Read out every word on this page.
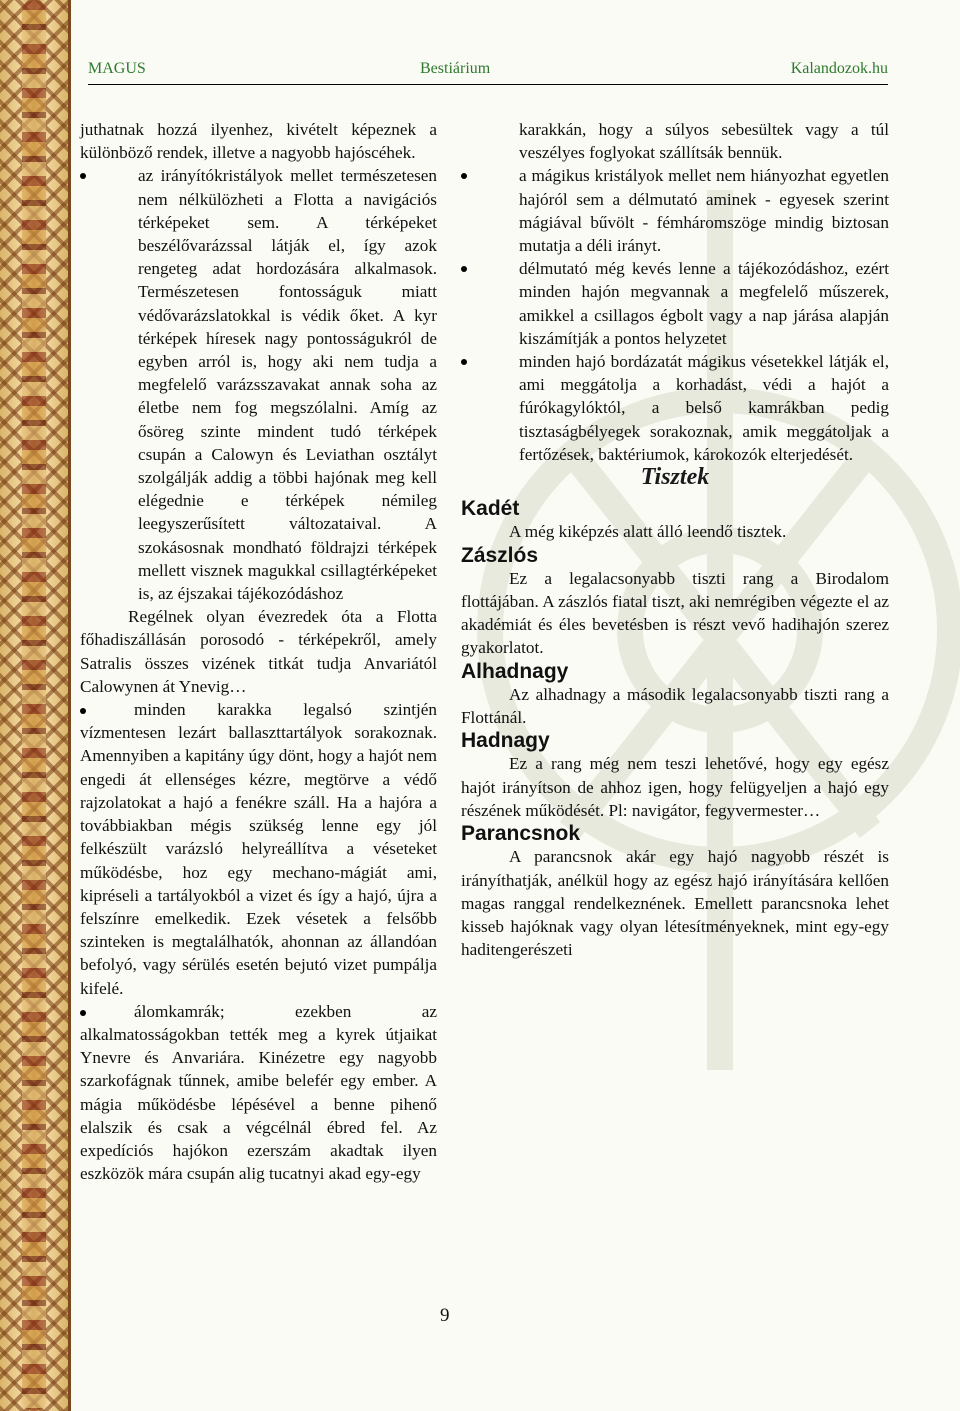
MAGUS	Bestiárium	Kalandozok.hu

juthatnak hozzá ilyenhez, kivételt képeznek a különböző rendek, illetve a nagyobb hajóscéhek.

az irányítókristályok mellet természetesen nem nélkülözheti a Flotta a navigációs térképeket sem. A térképeket beszélővarázssal látják el, így azok rengeteg adat hordozására alkalmasok. Természetesen fontosságuk miatt védővarázslatokkal is védik őket. A kyr térképek híresek nagy pontosságukról de egyben arról is, hogy aki nem tudja a megfelelő varázsszavakat annak soha az életbe nem fog megszólalni. Amíg az ősöreg szinte mindent tudó térképek csupán a Calowyn és Leviathan osztályt szolgálják addig a többi hajónak meg kell elégednie e térképek némileg leegyszerűsített változataival. A szokásosnak mondható földrajzi térképek mellett visznek magukkal csillagtérképeket is, az éjszakai tájékozódáshoz

Regélnek olyan évezredek óta a Flotta főhadiszállásán porosodó - térképekről, amely Satralis összes vizének titkát tudja Anvariától Calowynen át Ynevig…

minden karakka legalsó szintjén vízmentesen lezárt ballaszttartályok sorakoznak. Amennyiben a kapitány úgy dönt, hogy a hajót nem engedi át ellenséges kézre, megtörve a védő rajzolatokat a hajó a fenékre száll. Ha a hajóra a továbbiakban mégis szükség lenne egy jól felkészült varázsló helyreállítva a véseteket működésbe, hoz egy mechano-mágiát ami, kipréseli a tartályokból a vizet és így a hajó, újra a felszínre emelkedik. Ezek vésetek a felsőbb szinteken is megtalálhatók, ahonnan az állandóan befolyó, vagy sérülés esetén bejutó vizet pumpálja kifelé.

álomkamrák; ezekben az alkalmatosságokban tették meg a kyrek útjaikat Ynevre és Anvariára. Kinézetre egy nagyobb szarkofágnak tűnnek, amibe belefér egy ember. A mágia működésbe lépésével a benne pihenő elalszik és csak a végcélnál ébred fel. Az expedíciós hajókon ezerszám akadtak ilyen eszközök mára csupán alig tucatnyi akad egy-egy

karakkán, hogy a súlyos sebesültek vagy a túl veszélyes foglyokat szállítsák bennük.

a mágikus kristályok mellet nem hiányozhat egyetlen hajóról sem a délmutató aminek - egyesek szerint mágiával bűvölt - fémháromszöge mindig biztosan mutatja a déli irányt.

délmutató még kevés lenne a tájékozódáshoz, ezért minden hajón megvannak a megfelelő műszerek, amikkel a csillagos égbolt vagy a nap járása alapján kiszámítják a pontos helyzetet

minden hajó bordázatát mágikus vésetekkel látják el, ami meggátolja a korhadást, védi a hajót a fúrókagylóktól, a belső kamrákban pedig tisztaságbélyegek sorakoznak, amik meggátoljak a fertőzések, baktériumok, károkozók elterjedését.

Tisztek

Kadét

A még kiképzés alatt álló leendő tisztek.

Zászlós

Ez a legalacsonyabb tiszti rang a Birodalom flottájában. A zászlós fiatal tiszt, aki nemrégiben végezte el az akadémiát és éles bevetésben is részt vevő hadihajón szerez gyakorlatot.

Alhadnagy

Az alhadnagy a második legalacsonyabb tiszti rang a Flottánál.

Hadnagy

Ez a rang még nem teszi lehetővé, hogy egy egész hajót irányítson de ahhoz igen, hogy felügyeljen a hajó egy részének működését. Pl: navigátor, fegyvermester…

Parancsnok

A parancsnok akár egy hajó nagyobb részét is irányíthatják, anélkül hogy az egész hajó irányítására kellően magas ranggal rendelkeznének. Emellett parancsnoka lehet kisseb hajóknak vagy olyan létesítményeknek, mint egy-egy haditengerészeti

9
